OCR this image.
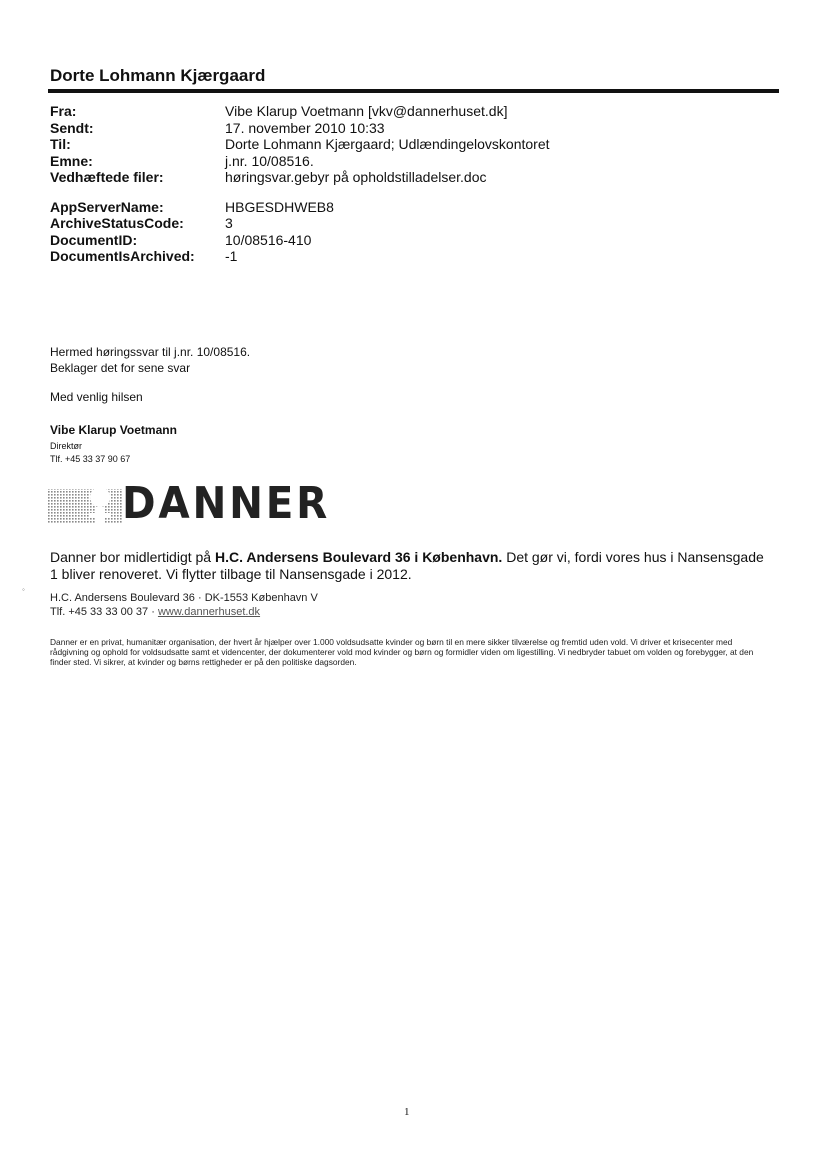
Dorte Lohmann Kjærgaard
Fra:	Vibe Klarup Voetmann [vkv@dannerhuset.dk]
Sendt:	17. november 2010 10:33
Til:	Dorte Lohmann Kjærgaard; Udlændingelovskontoret
Emne:	j.nr. 10/08516.
Vedhæftede filer:	høringsvar.gebyr på opholdstilladelser.doc
AppServerName:	HBGESDHWEB8
ArchiveStatusCode:	3
DocumentID:	10/08516-410
DocumentIsArchived:	-1
Hermed høringssvar til j.nr. 10/08516.
Beklager det for sene svar
Med venlig hilsen
Vibe Klarup Voetmann
Direktør
Tlf. +45 33 37 90 67
DANNER
Danner bor midlertidigt på H.C. Andersens Boulevard 36 i København. Det gør vi, fordi vores hus i Nansensgade 1 bliver renoveret. Vi flytter tilbage til Nansensgade i 2012.
◦
H.C. Andersens Boulevard 36 · DK-1553 København V
Tlf. +45 33 33 00 37 · www.dannerhuset.dk
Danner er en privat, humanitær organisation, der hvert år hjælper over 1.000 voldsudsatte kvinder og børn til en mere sikker tilværelse og fremtid uden vold. Vi driver et krisecenter med rådgivning og ophold for voldsudsatte samt et videncenter, der dokumenterer vold mod kvinder og børn og formidler viden om ligestilling. Vi nedbryder tabuet om volden og forebygger, at den finder sted. Vi sikrer, at kvinder og børns rettigheder er på den politiske dagsorden.
1
